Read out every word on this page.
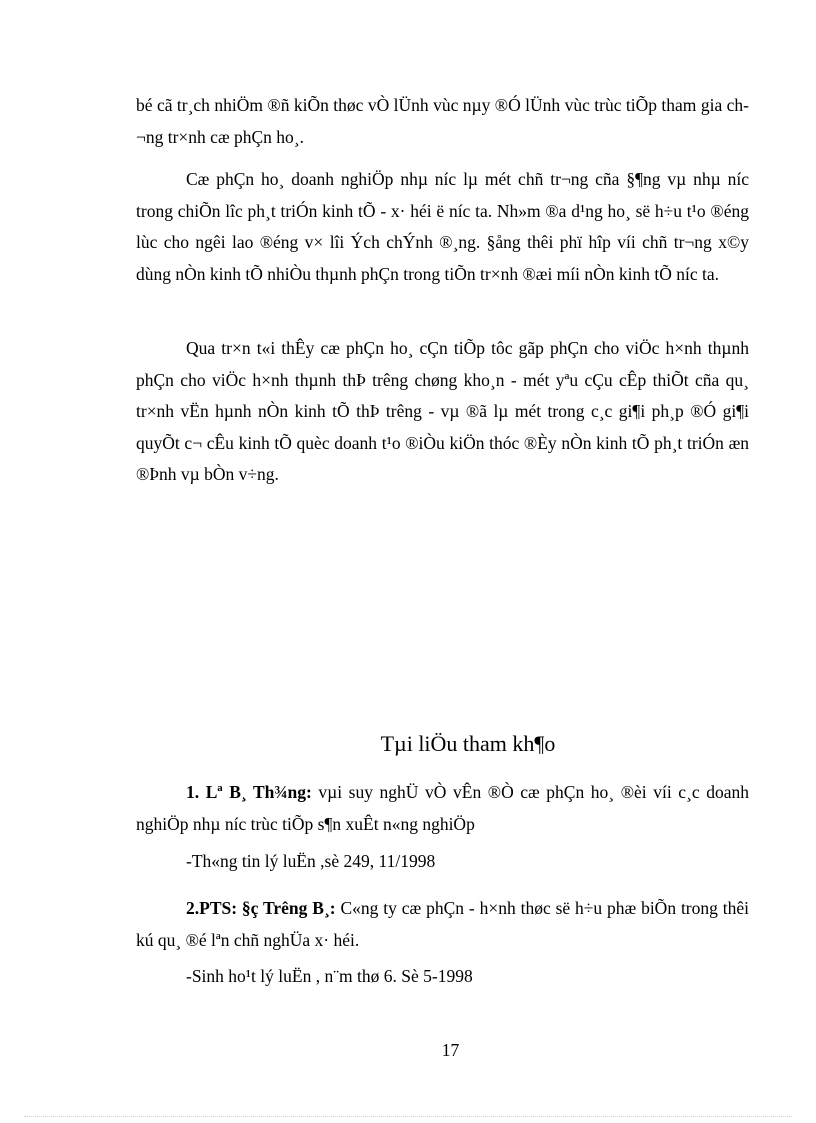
bé cã tr¸ch nhiÖm ®ñ kiÕn thøc vÒ lÜnh vùc nµy ®Ó lÜnh vùc trùc tiÕp tham gia ch¬ng tr×nh cæ phÇn ho¸.

Cæ phÇn ho¸ doanh nghiÖp nhµ níc lµ mét chñ tr¬ng cña §¶ng vµ nhµ níc trong chiÕn lîc ph¸t triÓn kinh tÕ - x· héi ë níc ta. Nh»m ®a d¹ng ho¸ së h÷u t¹o ®éng lùc cho ngêi lao ®éng v× lîi Ých chÝnh ®¸ng. §ång thêi phï hîp víi chñ tr¬ng x©y dùng nÒn kinh tÕ nhiÒu thµnh phÇn trong tiÕn tr×nh ®æi míi nÒn kinh tÕ níc ta.

Qua tr×n t«i thÊy cæ phÇn ho¸ cÇn tiÕp tôc gãp phÇn cho viÖc h×nh thµnh phÇn cho viÖc h×nh thµnh thÞ trêng chøng kho¸n - mét yªu cÇu cÊp thiÕt cña qu¸ tr×nh vËn hµnh nÒn kinh tÕ thÞ trêng - vµ ®ã lµ mét trong c¸c gi¶i ph¸p ®Ó gi¶i quyÕt c¬ cÊu kinh tÕ quèc doanh t¹o ®iÒu kiÖn thóc ®Èy nÒn kinh tÕ ph¸t triÓn æn ®Þnh vµ bÒn v÷ng.

Tµi liÖu tham kh¶o

1. Lª B¸ Th¾ng: vµi suy nghÜ vÒ vÊn ®Ò cæ phÇn ho¸ ®èi víi c¸c doanh nghiÖp nhµ níc trùc tiÕp s¶n xuÊt n«ng nghiÖp

-Th«ng tin lý luËn ,sè 249, 11/1998

2.PTS: §ç Trêng B¸: C«ng ty cæ phÇn - h×nh thøc së h÷u phæ biÕn trong thêi kú qu¸ ®é lªn chñ nghÜa x· héi.

-Sinh ho¹t lý luËn , n¨m thø 6. Sè 5-1998

17
